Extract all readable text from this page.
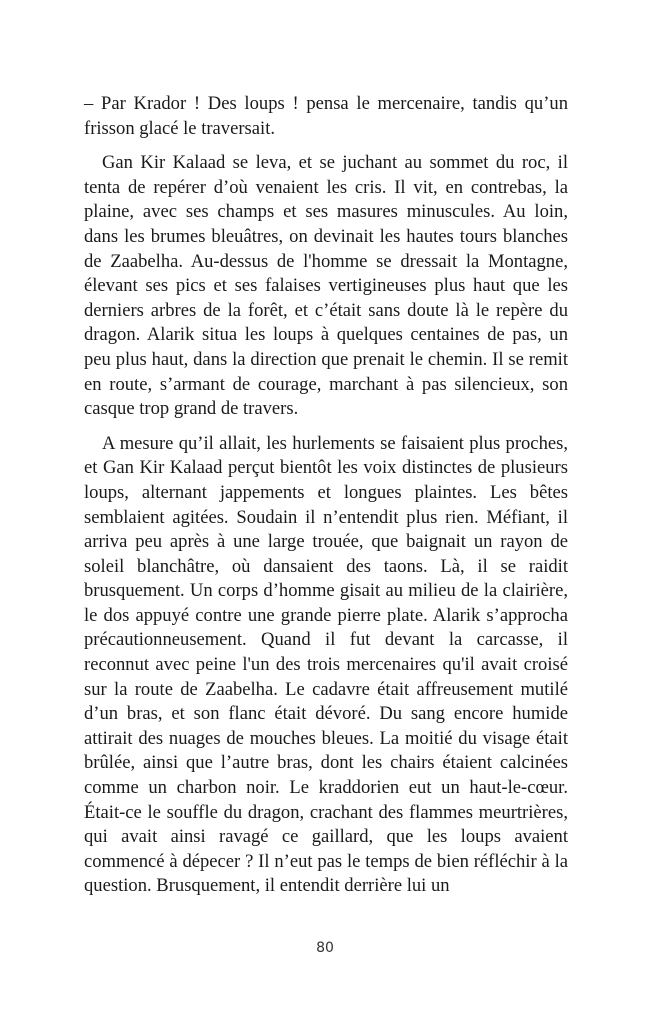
– Par Krador ! Des loups ! pensa le mercenaire, tandis qu’un frisson glacé le traversait.

Gan Kir Kalaad se leva, et se juchant au sommet du roc, il tenta de repérer d’où venaient les cris. Il vit, en contrebas, la plaine, avec ses champs et ses masures minuscules. Au loin, dans les brumes bleuâtres, on devinait les hautes tours blanches de Zaabelha. Au-dessus de l'homme se dressait la Montagne, élevant ses pics et ses falaises vertigineuses plus haut que les derniers arbres de la forêt, et c’était sans doute là le repère du dragon. Alarik situa les loups à quelques centaines de pas, un peu plus haut, dans la direction que prenait le chemin. Il se remit en route, s’armant de courage, marchant à pas silencieux, son casque trop grand de travers.

A mesure qu’il allait, les hurlements se faisaient plus proches, et Gan Kir Kalaad perçut bientôt les voix distinctes de plusieurs loups, alternant jappements et longues plaintes. Les bêtes semblaient agitées. Soudain il n’entendit plus rien. Méfiant, il arriva peu après à une large trouée, que baignait un rayon de soleil blanchâtre, où dansaient des taons. Là, il se raidit brusquement. Un corps d’homme gisait au milieu de la clairière, le dos appuyé contre une grande pierre plate. Alarik s’approcha précautionneusement. Quand il fut devant la carcasse, il reconnut avec peine l'un des trois mercenaires qu'il avait croisé sur la route de Zaabelha. Le cadavre était affreusement mutilé d’un bras, et son flanc était dévoré. Du sang encore humide attirait des nuages de mouches bleues. La moitié du visage était brûlée, ainsi que l’autre bras, dont les chairs étaient calcinées comme un charbon noir. Le kraddorien eut un haut-le-cœur. Était-ce le souffle du dragon, crachant des flammes meurtrières, qui avait ainsi ravagé ce gaillard, que les loups avaient commencé à dépecer ? Il n’eut pas le temps de bien réfléchir à la question. Brusquement, il entendit derrière lui un

80
